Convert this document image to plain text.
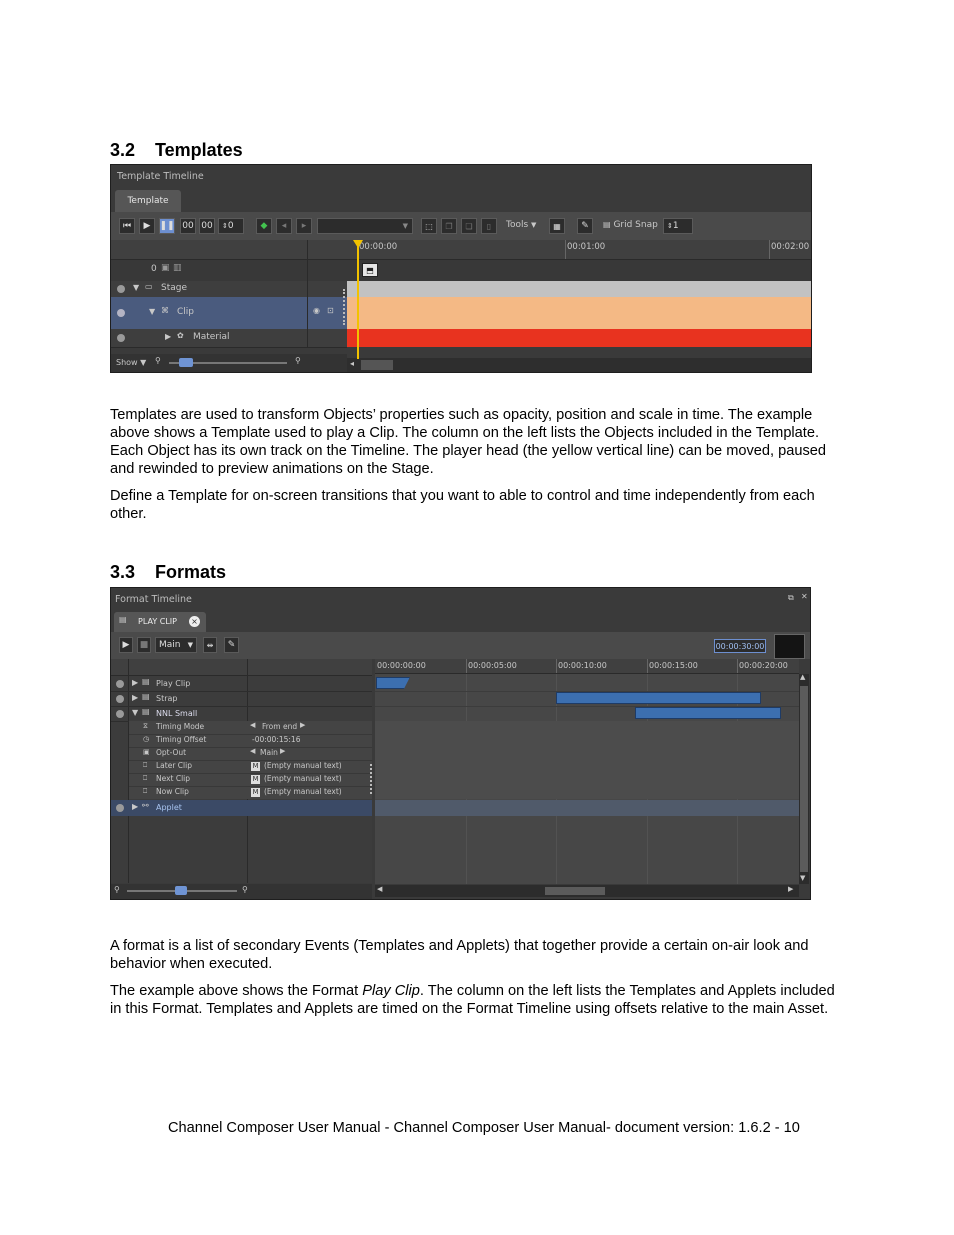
3.2 Templates
Template Timeline
Template
⏮ ▶ ❚❚ 00 00 ⇕ 0	◆ ◂ ▸	▼ ⬚ ❐ ❏ ▯ Tools ▼ ▦ ✎ ▤ Grid Snap ⇕ 1
00:00:00	00:01:00	00:02:00
0 ▣ ▥	⬒
▼ ▭ Stage
▼ ⌘ Clip	◉ ⊡
▶ ✿ Material
Show ▼ ⚲	⚲	◂

Templates are used to transform Objects’ properties such as opacity, position and scale in time. The example above shows a Template used to play a Clip. The column on the left lists the Objects included in the Template. Each Object has its own track on the Timeline. The player head (the yellow vertical line) can be moved, paused and rewinded to preview animations on the Stage.

Define a Template for on-screen transitions that you want to able to control and time independently from each other.

3.3 Formats
Format Timeline	⧉ ✕
▤ PLAY CLIP ×
▶ ■ Main ▼ ⇹ ✎	00:00:30:00
▶ ▤ Play Clip
▶ ▤ Strap
▼ ▤ NNL Small
⧖ Timing Mode	◀ From end ▶
◷ Timing Offset	-00:00:15:16
▣ Opt-Out	◀ Main ▶
⎕ Later Clip	M (Empty manual text)
⎕ Next Clip	M (Empty manual text)
⎕ Now Clip	M (Empty manual text)
▶ ⚯ Applet
⚲	⚲
00:00:00:00	00:00:05:00	00:00:10:00	00:00:15:00	00:00:20:00
▲
▼
◀	▶

A format is a list of secondary Events (Templates and Applets) that together provide a certain on-air look and behavior when executed.

The example above shows the Format Play Clip. The column on the left lists the Templates and Applets included in this Format. Templates and Applets are timed on the Format Timeline using offsets relative to the main Asset.

Channel Composer User Manual - Channel Composer User Manual- document version: 1.6.2 - 10
